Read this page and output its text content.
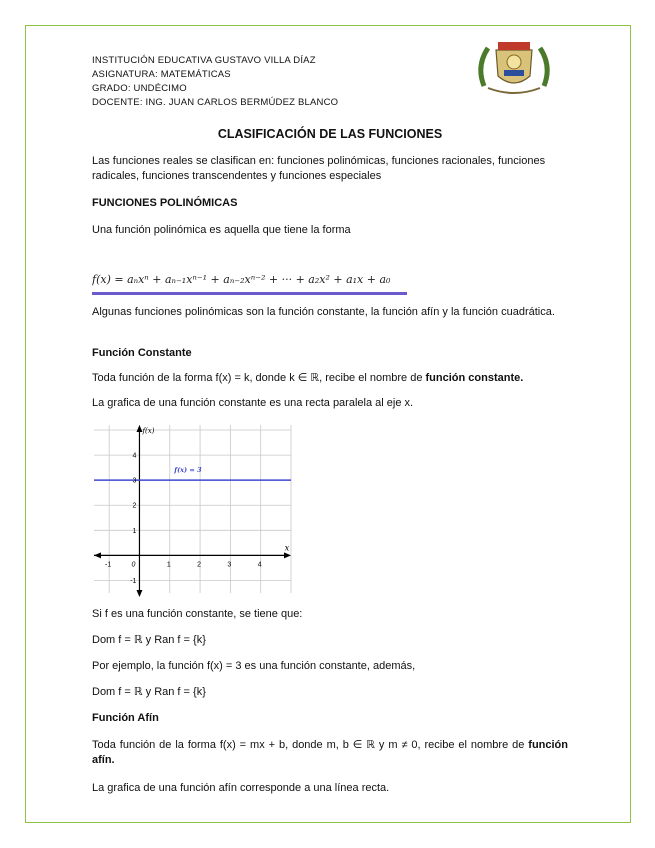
INSTITUCIÓN EDUCATIVA GUSTAVO VILLA DÍAZ
ASIGNATURA: MATEMÁTICAS
GRADO: UNDÉCIMO
DOCENTE: ING. JUAN CARLOS BERMÚDEZ BLANCO
CLASIFICACIÓN DE LAS FUNCIONES
Las funciones reales se clasifican en: funciones polinómicas, funciones racionales, funciones radicales, funciones transcendentes y funciones especiales
FUNCIONES POLINÓMICAS
Una función polinómica es aquella que tiene la forma
f(x) = aₙxⁿ + aₙ₋₁xⁿ⁻¹ + aₙ₋₂xⁿ⁻² + ··· + a₂x² + a₁x + a₀
Algunas funciones polinómicas son la función constante, la función afín y la función cuadrática.
Función Constante
Toda función de la forma f(x) = k, donde k ∈ ℝ, recibe el nombre de función constante.
La grafica de una función constante es una recta paralela al eje x.
-1	0	1	2	3	4
-1
1
2
3
4
x
f(x)
f(x) = 3
Si f es una función constante, se tiene que:
Dom f = ℝ y Ran f = {k}
Por ejemplo, la función f(x) = 3 es una función constante, además,
Dom f = ℝ y Ran f = {k}
Función Afín
Toda función de la forma f(x) = mx + b, donde m, b ∈ ℝ y m ≠ 0, recibe el nombre de función afín.
La grafica de una función afín corresponde a una línea recta.
